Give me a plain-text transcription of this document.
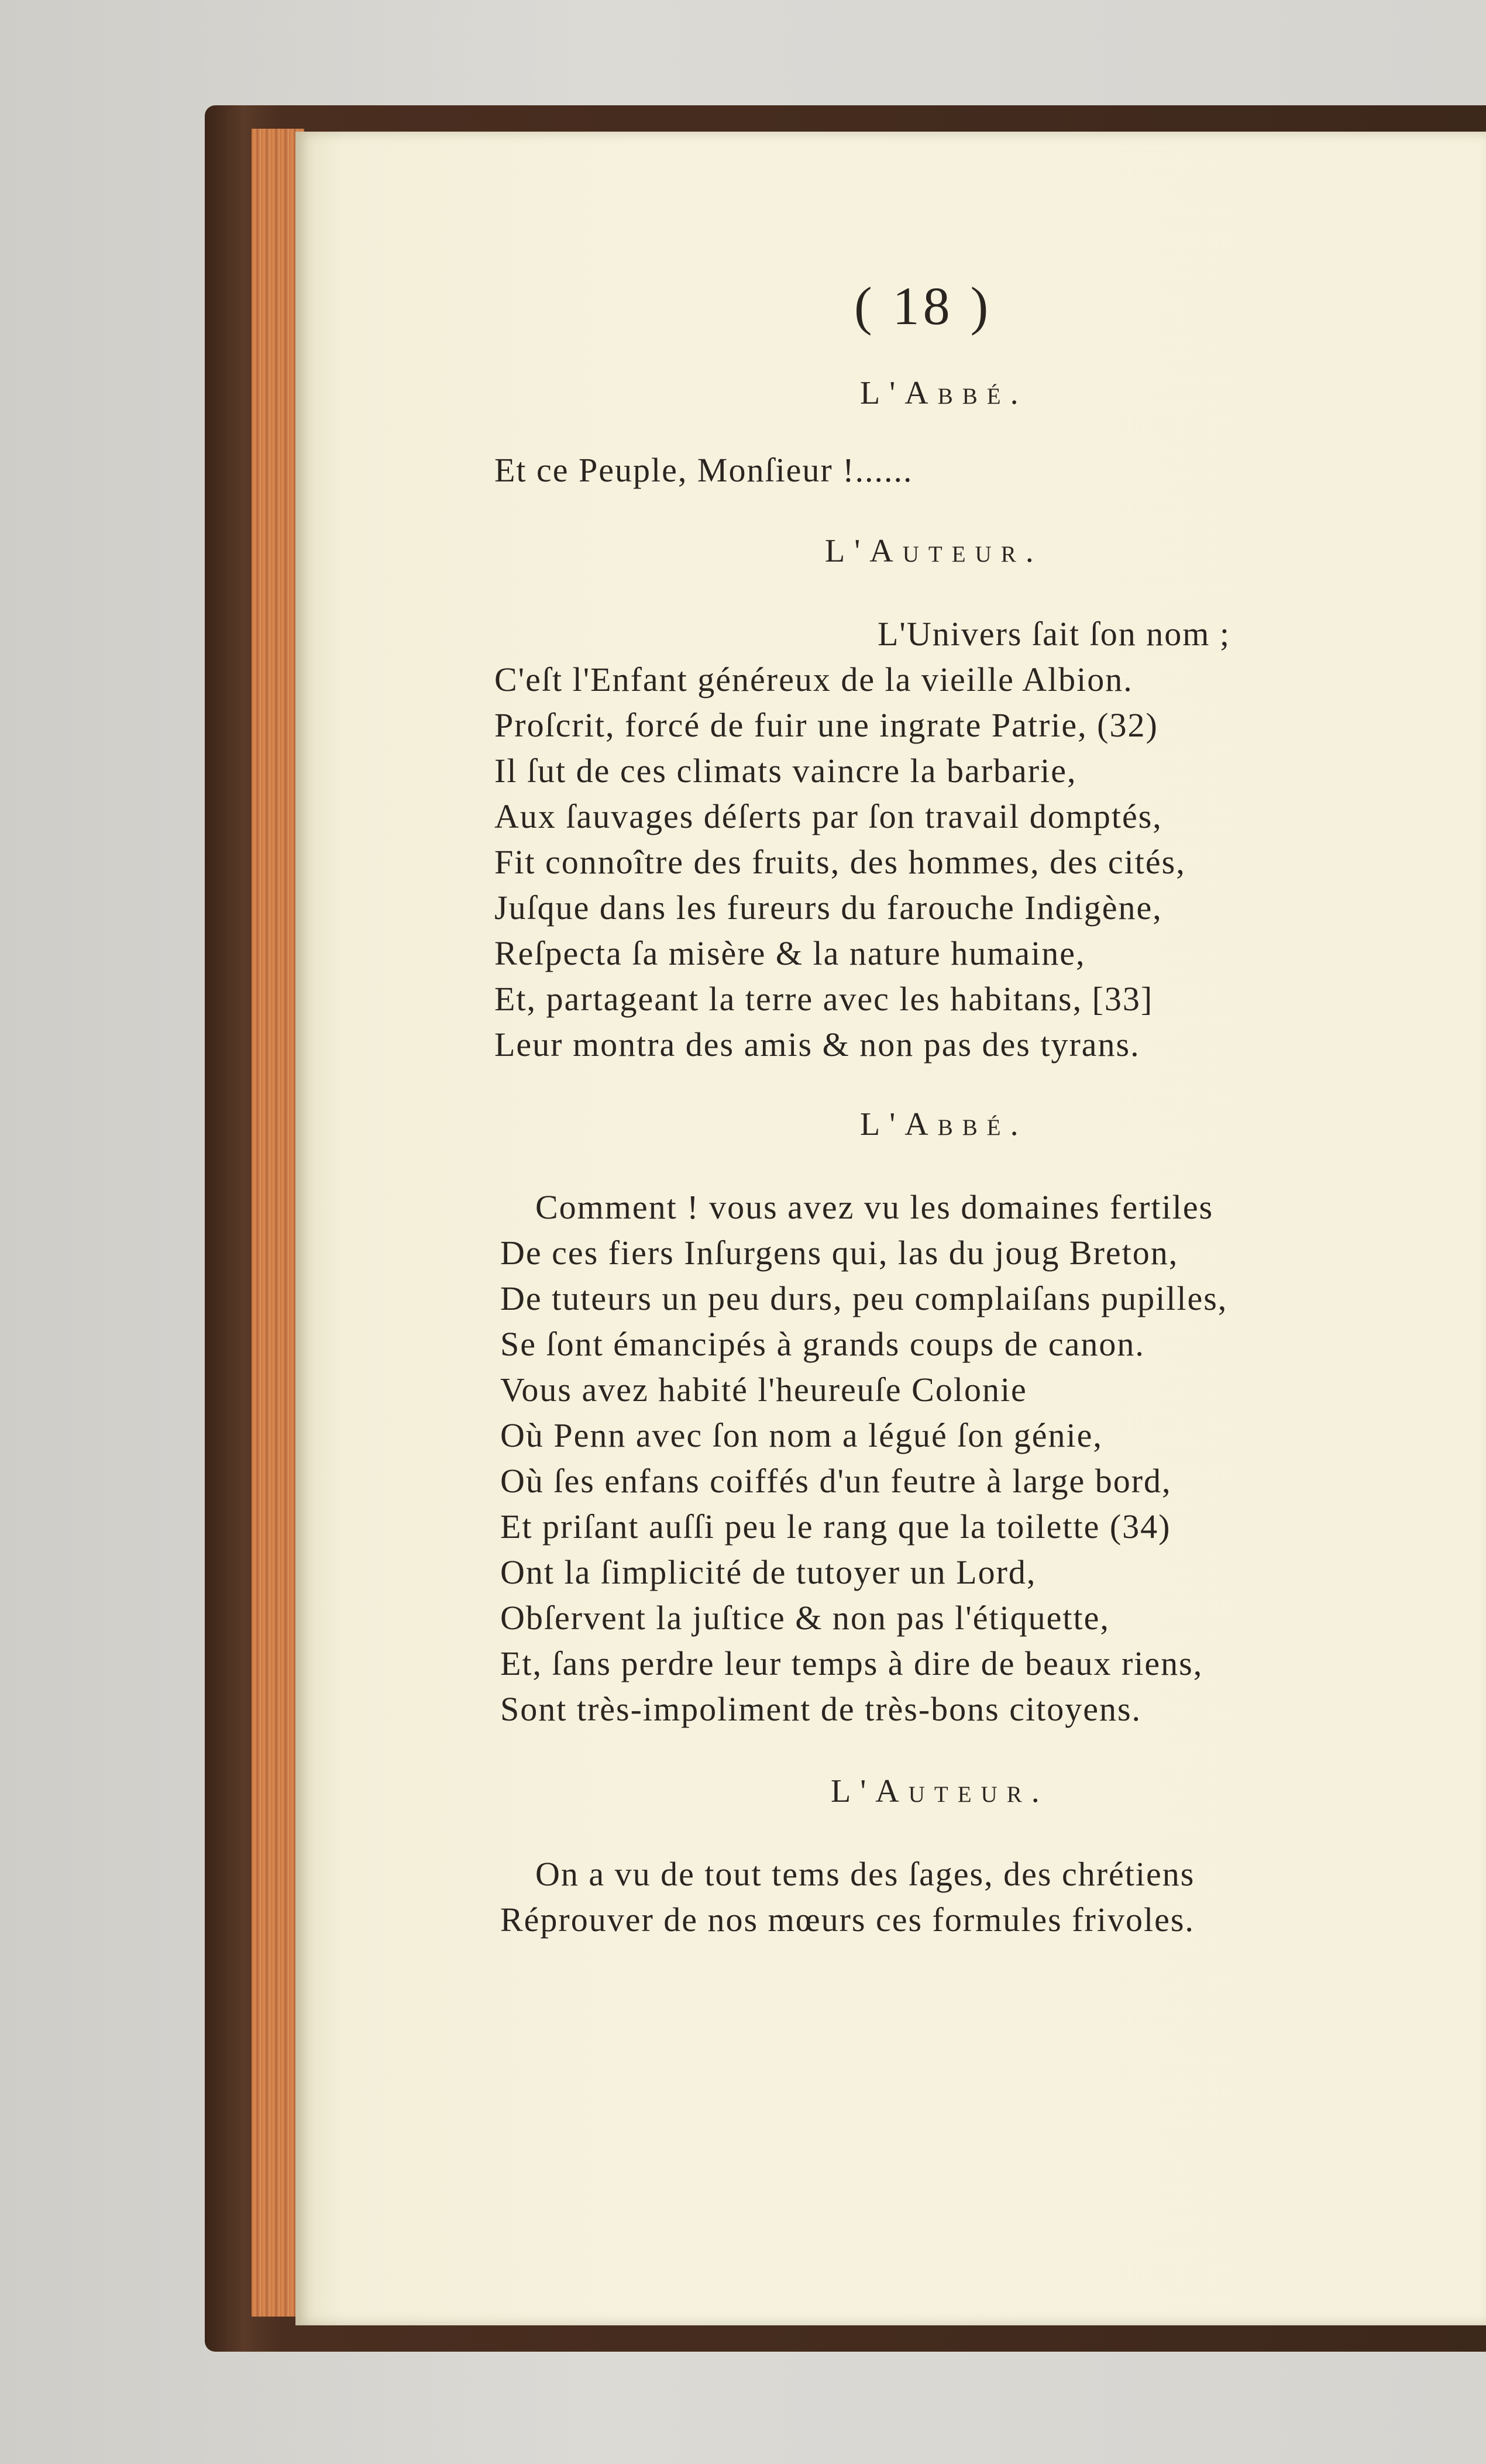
( 18 )
L'Abbé.
Et ce Peuple, Monſieur !......
L'Auteur.
L'Univers ſait ſon nom ;
C'eſt l'Enfant généreux de la vieille Albion.
Proſcrit, forcé de fuir une ingrate Patrie, (32)
Il ſut de ces climats vaincre la barbarie,
Aux ſauvages déſerts par ſon travail domptés,
Fit connoître des fruits, des hommes, des cités,
Juſque dans les fureurs du farouche Indigène,
Reſpecta ſa misère & la nature humaine,
Et, partageant la terre avec les habitans, [33]
Leur montra des amis & non pas des tyrans.
L'Abbé.
Comment ! vous avez vu les domaines fertiles
De ces fiers Inſurgens qui, las du joug Breton,
De tuteurs un peu durs, peu complaiſans pupilles,
Se ſont émancipés à grands coups de canon.
Vous avez habité l'heureuſe Colonie
Où Penn avec ſon nom a légué ſon génie,
Où ſes enfans coiffés d'un feutre à large bord,
Et priſant auſſi peu le rang que la toilette (34)
Ont la ſimplicité de tutoyer un Lord,
Obſervent la juſtice & non pas l'étiquette,
Et, ſans perdre leur temps à dire de beaux riens,
Sont très-impoliment de très-bons citoyens.
L'Auteur.
On a vu de tout tems des ſages, des chrétiens
Réprouver de nos mœurs ces formules frivoles.
